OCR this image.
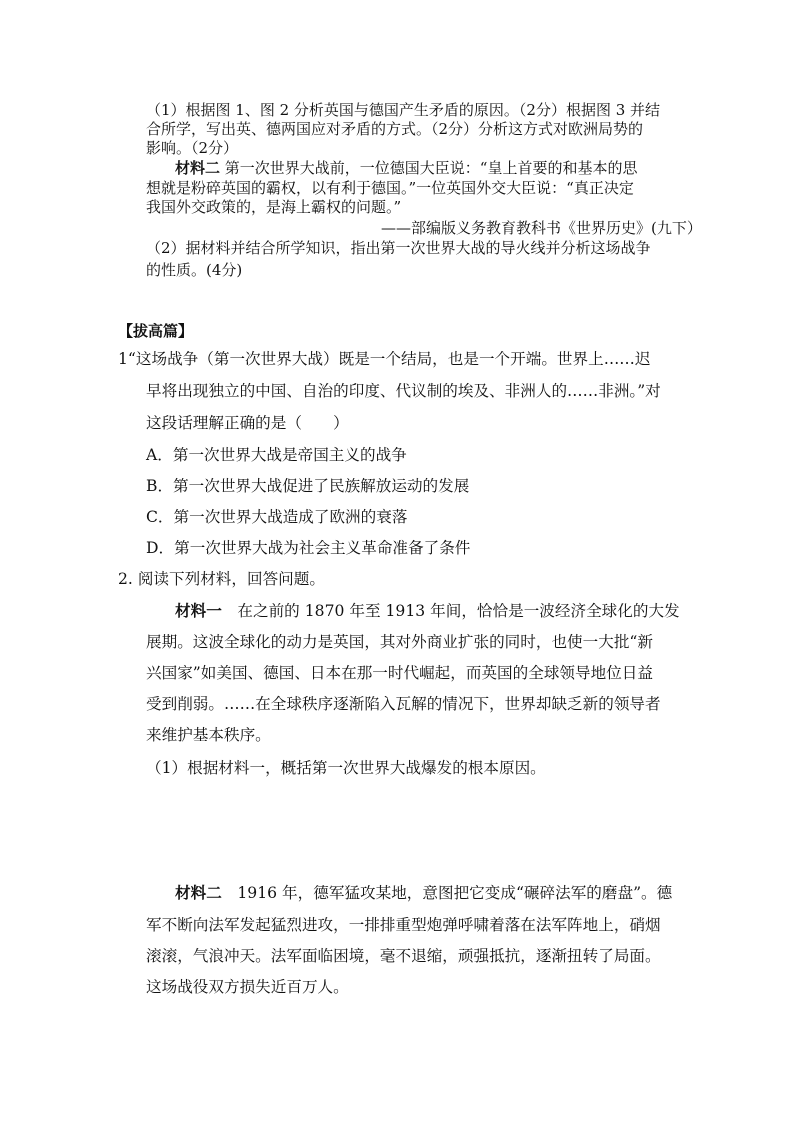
（1）根据图 1、图 2 分析英国与德国产生矛盾的原因。（2分）根据图 3 并结

合所学，写出英、德两国应对矛盾的方式。（2分）分析这方式对欧洲局势的

影响。（2分）

材料二 第一次世界大战前，一位德国大臣说：“皇上首要的和基本的思

想就是粉碎英国的霸权，以有利于德国。”一位英国外交大臣说：“真正决定

我国外交政策的，是海上霸权的问题。”

——部编版义务教育教科书《世界历史》(九下）

（2）据材料并结合所学知识，指出第一次世界大战的导火线并分析这场战争

的性质。(4分)

【拔高篇】

1“这场战争（第一次世界大战）既是一个结局，也是一个开端。世界上……迟

早将出现独立的中国、自治的印度、代议制的埃及、非洲人的……非洲。”对

这段话理解正确的是（　　）

A．第一次世界大战是帝国主义的战争

B．第一次世界大战促进了民族解放运动的发展

C．第一次世界大战造成了欧洲的衰落

D．第一次世界大战为社会主义革命准备了条件

2. 阅读下列材料，回答问题。

材料一  在之前的 1870 年至 1913 年间，恰恰是一波经济全球化的大发

展期。这波全球化的动力是英国，其对外商业扩张的同时，也使一大批“新

兴国家”如美国、德国、日本在那一时代崛起，而英国的全球领导地位日益

受到削弱。……在全球秩序逐渐陷入瓦解的情况下，世界却缺乏新的领导者

来维护基本秩序。

（1）根据材料一，概括第一次世界大战爆发的根本原因。

材料二  1916 年，德军猛攻某地，意图把它变成“碾碎法军的磨盘”。德

军不断向法军发起猛烈进攻，一排排重型炮弹呼啸着落在法军阵地上，硝烟

滚滚，气浪冲天。法军面临困境，毫不退缩，顽强抵抗，逐渐扭转了局面。

这场战役双方损失近百万人。
